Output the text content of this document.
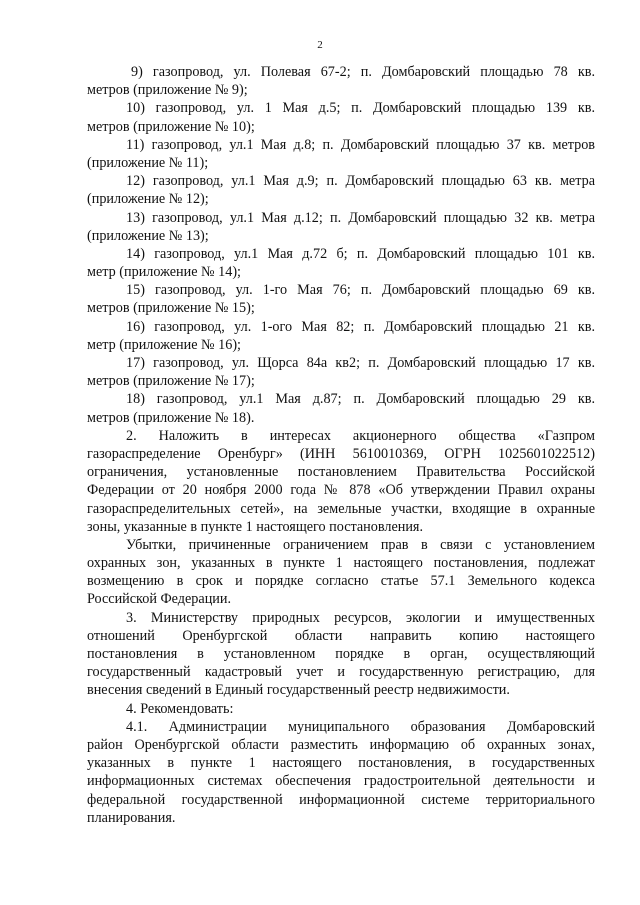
2
9) газопровод, ул. Полевая 67-2; п. Домбаровский площадью 78 кв.
метров (приложение № 9);
10) газопровод, ул. 1 Мая д.5; п. Домбаровский площадью 139 кв.
метров (приложение № 10);
11) газопровод, ул.1 Мая д.8; п. Домбаровский площадью 37 кв. метров
(приложение № 11);
12) газопровод, ул.1 Мая д.9; п. Домбаровский площадью 63 кв. метра
(приложение № 12);
13) газопровод, ул.1 Мая д.12; п. Домбаровский площадью 32 кв. метра
(приложение № 13);
14) газопровод, ул.1 Мая д.72 б; п. Домбаровский площадью 101 кв.
метр (приложение № 14);
15) газопровод, ул. 1-го Мая 76; п. Домбаровский площадью 69 кв.
метров (приложение № 15);
16) газопровод, ул. 1-ого Мая 82; п. Домбаровский площадью 21 кв.
метр (приложение № 16);
17) газопровод, ул. Щорса 84а кв2; п. Домбаровский площадью 17 кв.
метров (приложение № 17);
18) газопровод, ул.1 Мая д.87; п. Домбаровский площадью 29 кв.
метров (приложение № 18).
2. Наложить в интересах акционерного общества «Газпром
газораспределение Оренбург» (ИНН 5610010369, ОГРН 1025601022512)
ограничения, установленные постановлением Правительства Российской
Федерации от 20 ноября 2000 года № 878 «Об утверждении Правил охраны
газораспределительных сетей», на земельные участки, входящие в охранные
зоны, указанные в пункте 1 настоящего постановления.
Убытки, причиненные ограничением прав в связи с установлением
охранных зон, указанных в пункте 1 настоящего постановления, подлежат
возмещению в срок и порядке согласно статье 57.1 Земельного кодекса
Российской Федерации.
3. Министерству природных ресурсов, экологии и имущественных
отношений Оренбургской области направить копию настоящего
постановления в установленном порядке в орган, осуществляющий
государственный кадастровый учет и государственную регистрацию, для
внесения сведений в Единый государственный реестр недвижимости.
4. Рекомендовать:
4.1. Администрации муниципального образования Домбаровский
район Оренбургской области разместить информацию об охранных зонах,
указанных в пункте 1 настоящего постановления, в государственных
информационных системах обеспечения градостроительной деятельности и
федеральной государственной информационной системе территориального
планирования.
